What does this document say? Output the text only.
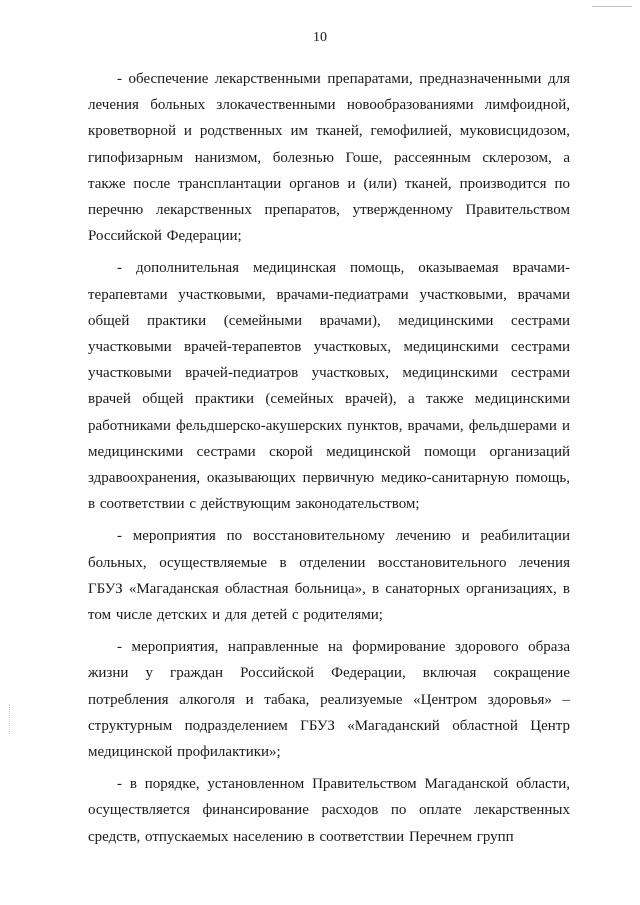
10

- обеспечение лекарственными препаратами, предназначенными для лечения больных злокачественными новообразованиями лимфоидной, кроветворной и родственных им тканей, гемофилией, муковисцидозом, гипофизарным нанизмом, болезнью Гоше, рассеянным склерозом, а также после трансплантации органов и (или) тканей, производится по перечню лекарственных препаратов, утвержденному Правительством Российской Федерации;

- дополнительная медицинская помощь, оказываемая врачами-терапевтами участковыми, врачами-педиатрами участковыми, врачами общей практики (семейными врачами), медицинскими сестрами участковыми врачей-терапевтов участковых, медицинскими сестрами участковыми врачей-педиатров участковых, медицинскими сестрами врачей общей практики (семейных врачей), а также медицинскими работниками фельдшерско-акушерских пунктов, врачами, фельдшерами и медицинскими сестрами скорой медицинской помощи организаций здравоохранения, оказывающих первичную медико-санитарную помощь, в соответствии с действующим законодательством;

- мероприятия по восстановительному лечению и реабилитации больных, осуществляемые в отделении восстановительного лечения ГБУЗ «Магаданская областная больница», в санаторных организациях, в том числе детских и для детей с родителями;

- мероприятия, направленные на формирование здорового образа жизни у граждан Российской Федерации, включая сокращение потребления алкоголя и табака, реализуемые «Центром здоровья» – структурным подразделением ГБУЗ «Магаданский областной Центр медицинской профилактики»;

- в порядке, установленном Правительством Магаданской области, осуществляется финансирование расходов по оплате лекарственных средств, отпускаемых населению в соответствии Перечнем групп
